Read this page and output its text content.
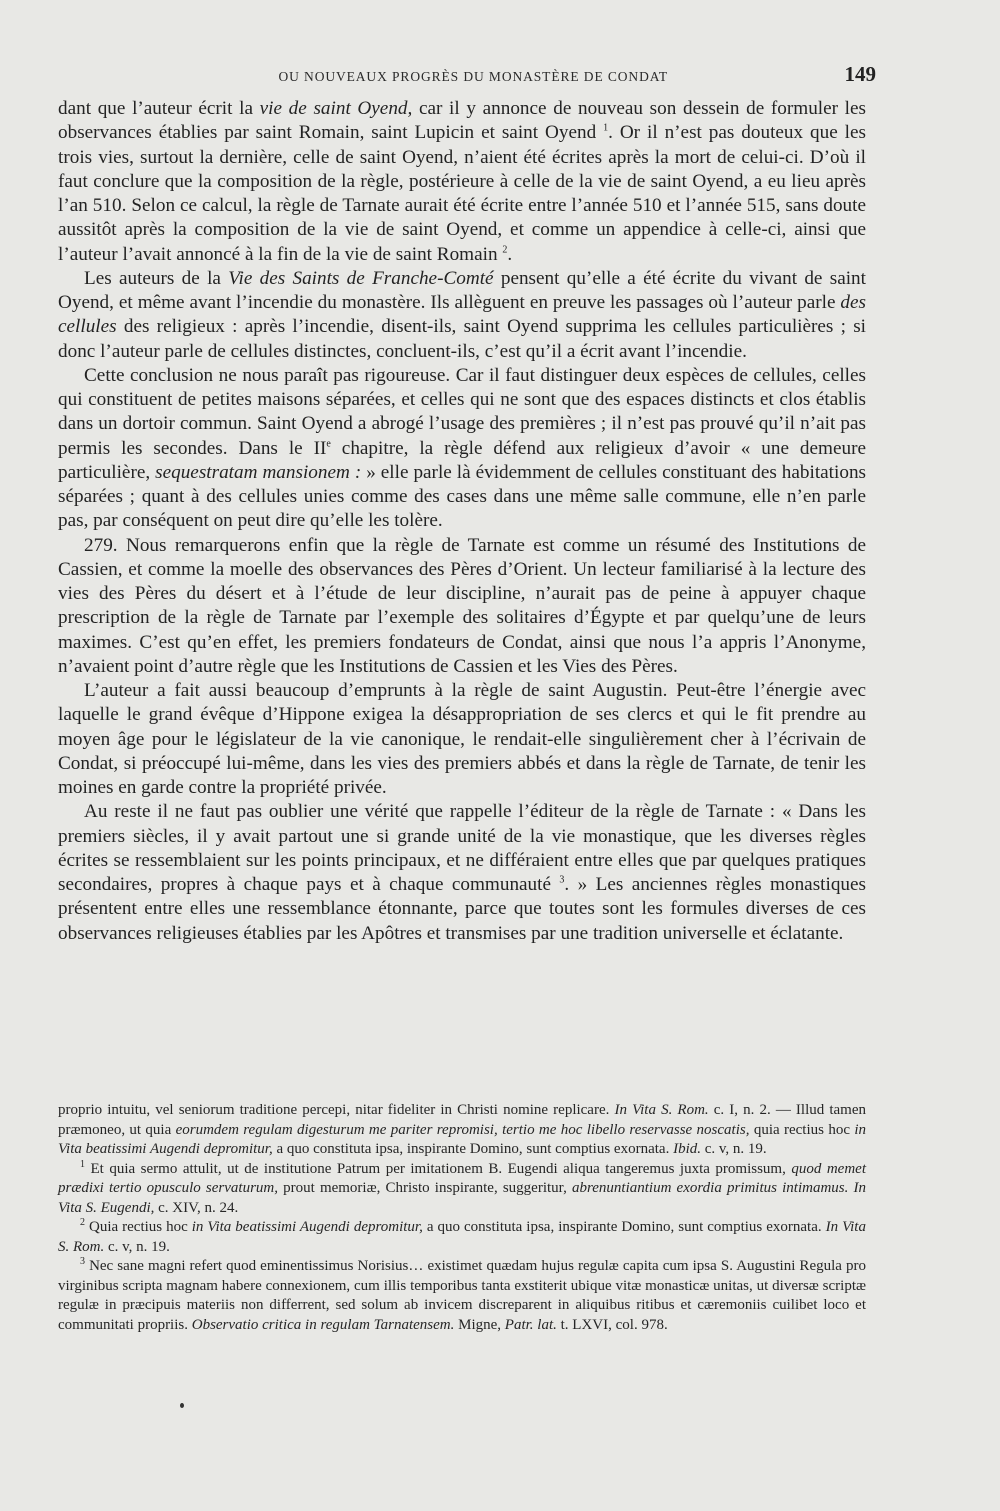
OU NOUVEAUX PROGRÈS DU MONASTÈRE DE CONDAT	149

dant que l’auteur écrit la vie de saint Oyend, car il y annonce de nouveau son dessein de formuler les observances établies par saint Romain, saint Lupicin et saint Oyend $^1$. Or il n’est pas douteux que les trois vies, surtout la dernière, celle de saint Oyend, n’aient été écrites après la mort de celui-ci. D’où il faut conclure que la composition de la règle, postérieure à celle de la vie de saint Oyend, a eu lieu après l’an 510. Selon ce calcul, la règle de Tarnate aurait été écrite entre l’année 510 et l’année 515, sans doute aussitôt après la composition de la vie de saint Oyend, et comme un appendice à celle-ci, ainsi que l’auteur l’avait annoncé à la fin de la vie de saint Romain $^2$.

Les auteurs de la Vie des Saints de Franche-Comté pensent qu’elle a été écrite du vivant de saint Oyend, et même avant l’incendie du monastère. Ils allèguent en preuve les passages où l’auteur parle des cellules des religieux : après l’incendie, disent-ils, saint Oyend supprima les cellules particulières ; si donc l’auteur parle de cellules distinctes, concluent-ils, c’est qu’il a écrit avant l’incendie.

Cette conclusion ne nous paraît pas rigoureuse. Car il faut distinguer deux espèces de cellules, celles qui constituent de petites maisons séparées, et celles qui ne sont que des espaces distincts et clos établis dans un dortoir commun. Saint Oyend a abrogé l’usage des premières ; il n’est pas prouvé qu’il n’ait pas permis les secondes. Dans le IIe chapitre, la règle défend aux religieux d’avoir « une demeure particulière, sequestratam mansionem : » elle parle là évidemment de cellules constituant des habitations séparées ; quant à des cellules unies comme des cases dans une même salle commune, elle n’en parle pas, par conséquent on peut dire qu’elle les tolère.

279. Nous remarquerons enfin que la règle de Tarnate est comme un résumé des Institutions de Cassien, et comme la moelle des observances des Pères d’Orient. Un lecteur familiarisé à la lecture des vies des Pères du désert et à l’étude de leur discipline, n’aurait pas de peine à appuyer chaque prescription de la règle de Tarnate par l’exemple des solitaires d’Égypte et par quelqu’une de leurs maximes. C’est qu’en effet, les premiers fondateurs de Condat, ainsi que nous l’a appris l’Anonyme, n’avaient point d’autre règle que les Institutions de Cassien et les Vies des Pères.

L’auteur a fait aussi beaucoup d’emprunts à la règle de saint Augustin. Peut-être l’énergie avec laquelle le grand évêque d’Hippone exigea la désappropriation de ses clercs et qui le fit prendre au moyen âge pour le législateur de la vie canonique, le rendait-elle singulièrement cher à l’écrivain de Condat, si préoccupé lui-même, dans les vies des premiers abbés et dans la règle de Tarnate, de tenir les moines en garde contre la propriété privée.

Au reste il ne faut pas oublier une vérité que rappelle l’éditeur de la règle de Tarnate : « Dans les premiers siècles, il y avait partout une si grande unité de la vie monastique, que les diverses règles écrites se ressemblaient sur les points principaux, et ne différaient entre elles que par quelques pratiques secondaires, propres à chaque pays et à chaque communauté $^3$. » Les anciennes règles monastiques présentent entre elles une ressemblance étonnante, parce que toutes sont les formules diverses de ces observances religieuses établies par les Apôtres et transmises par une tradition universelle et éclatante.

proprio intuitu, vel seniorum traditione percepi, nitar fideliter in Christi nomine replicare. In Vita S. Rom. c. I, n. 2. — Illud tamen præmoneo, ut quia eorumdem regulam digesturum me pariter repromisi, tertio me hoc libello reservasse noscatis, quia rectius hoc in Vita beatissimi Augendi depromitur, a quo constituta ipsa, inspirante Domino, sunt comptius exornata. Ibid. c. v, n. 19.

$^1$ Et quia sermo attulit, ut de institutione Patrum per imitationem B. Eugendi aliqua tangeremus juxta promissum, quod memet prædixi tertio opusculo servaturum, prout memoriæ, Christo inspirante, suggeritur, abrenuntiantium exordia primitus intimamus. In Vita S. Eugendi, c. XIV, n. 24.

$^2$ Quia rectius hoc in Vita beatissimi Augendi depromitur, a quo constituta ipsa, inspirante Domino, sunt comptius exornata. In Vita S. Rom. c. v, n. 19.

$^3$ Nec sane magni refert quod eminentissimus Norisius… existimet quædam hujus regulæ capita cum ipsa S. Augustini Regula pro virginibus scripta magnam habere connexionem, cum illis temporibus tanta exstiterit ubique vitæ monasticæ unitas, ut diversæ scriptæ regulæ in præcipuis materiis non differrent, sed solum ab invicem discreparent in aliquibus ritibus et cæremoniis cuilibet loco et communitati propriis. Observatio critica in regulam Tarnatensem. Migne, Patr. lat. t. LXVI, col. 978.
